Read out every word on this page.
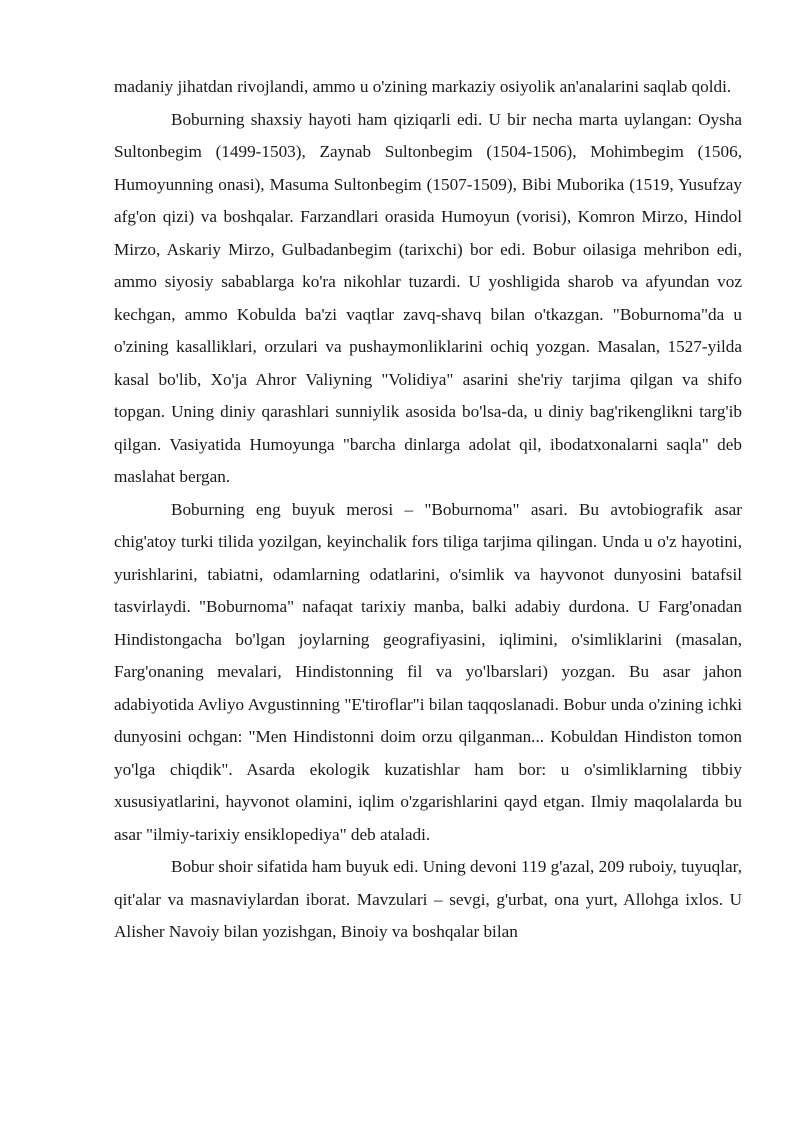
madaniy jihatdan rivojlandi, ammo u o'zining markaziy osiyolik an'analarini saqlab qoldi.

Boburning shaxsiy hayoti ham qiziqarli edi. U bir necha marta uylangan: Oysha Sultonbegim (1499-1503), Zaynab Sultonbegim (1504-1506), Mohimbegim (1506, Humoyunning onasi), Masuma Sultonbegim (1507-1509), Bibi Muborika (1519, Yusufzay afg'on qizi) va boshqalar. Farzandlari orasida Humoyun (vorisi), Komron Mirzo, Hindol Mirzo, Askariy Mirzo, Gulbadanbegim (tarixchi) bor edi. Bobur oilasiga mehribon edi, ammo siyosiy sabablarga ko'ra nikohlar tuzardi. U yoshligida sharob va afyundan voz kechgan, ammo Kobulda ba'zi vaqtlar zavq-shavq bilan o'tkazgan. "Boburnoma"da u o'zining kasalliklari, orzulari va pushaymonliklarini ochiq yozgan. Masalan, 1527-yilda kasal bo'lib, Xo'ja Ahror Valiyning "Volidiya" asarini she'riy tarjima qilgan va shifo topgan. Uning diniy qarashlari sunniylik asosida bo'lsa-da, u diniy bag'rikenglikni targ'ib qilgan. Vasiyatida Humoyunga "barcha dinlarga adolat qil, ibodatxonalarni saqla" deb maslahat bergan.

Boburning eng buyuk merosi – "Boburnoma" asari. Bu avtobiografik asar chig'atoy turki tilida yozilgan, keyinchalik fors tiliga tarjima qilingan. Unda u o'z hayotini, yurishlarini, tabiatni, odamlarning odatlarini, o'simlik va hayvonot dunyosini batafsil tasvirlaydi. "Boburnoma" nafaqat tarixiy manba, balki adabiy durdona. U Farg'onadan Hindistongacha bo'lgan joylarning geografiyasini, iqlimini, o'simliklarini (masalan, Farg'onaning mevalari, Hindistonning fil va yo'lbarslari) yozgan. Bu asar jahon adabiyotida Avliyo Avgustinning "E'tiroflar"i bilan taqqoslanadi. Bobur unda o'zining ichki dunyosini ochgan: "Men Hindistonni doim orzu qilganman... Kobuldan Hindiston tomon yo'lga chiqdik". Asarda ekologik kuzatishlar ham bor: u o'simliklarning tibbiy xususiyatlarini, hayvonot olamini, iqlim o'zgarishlarini qayd etgan. Ilmiy maqolalarda bu asar "ilmiy-tarixiy ensiklopediya" deb ataladi.

Bobur shoir sifatida ham buyuk edi. Uning devoni 119 g'azal, 209 ruboiy, tuyuqlar, qit'alar va masnaviylardan iborat. Mavzulari – sevgi, g'urbat, ona yurt, Allohga ixlos. U Alisher Navoiy bilan yozishgan, Binoiy va boshqalar bilan
